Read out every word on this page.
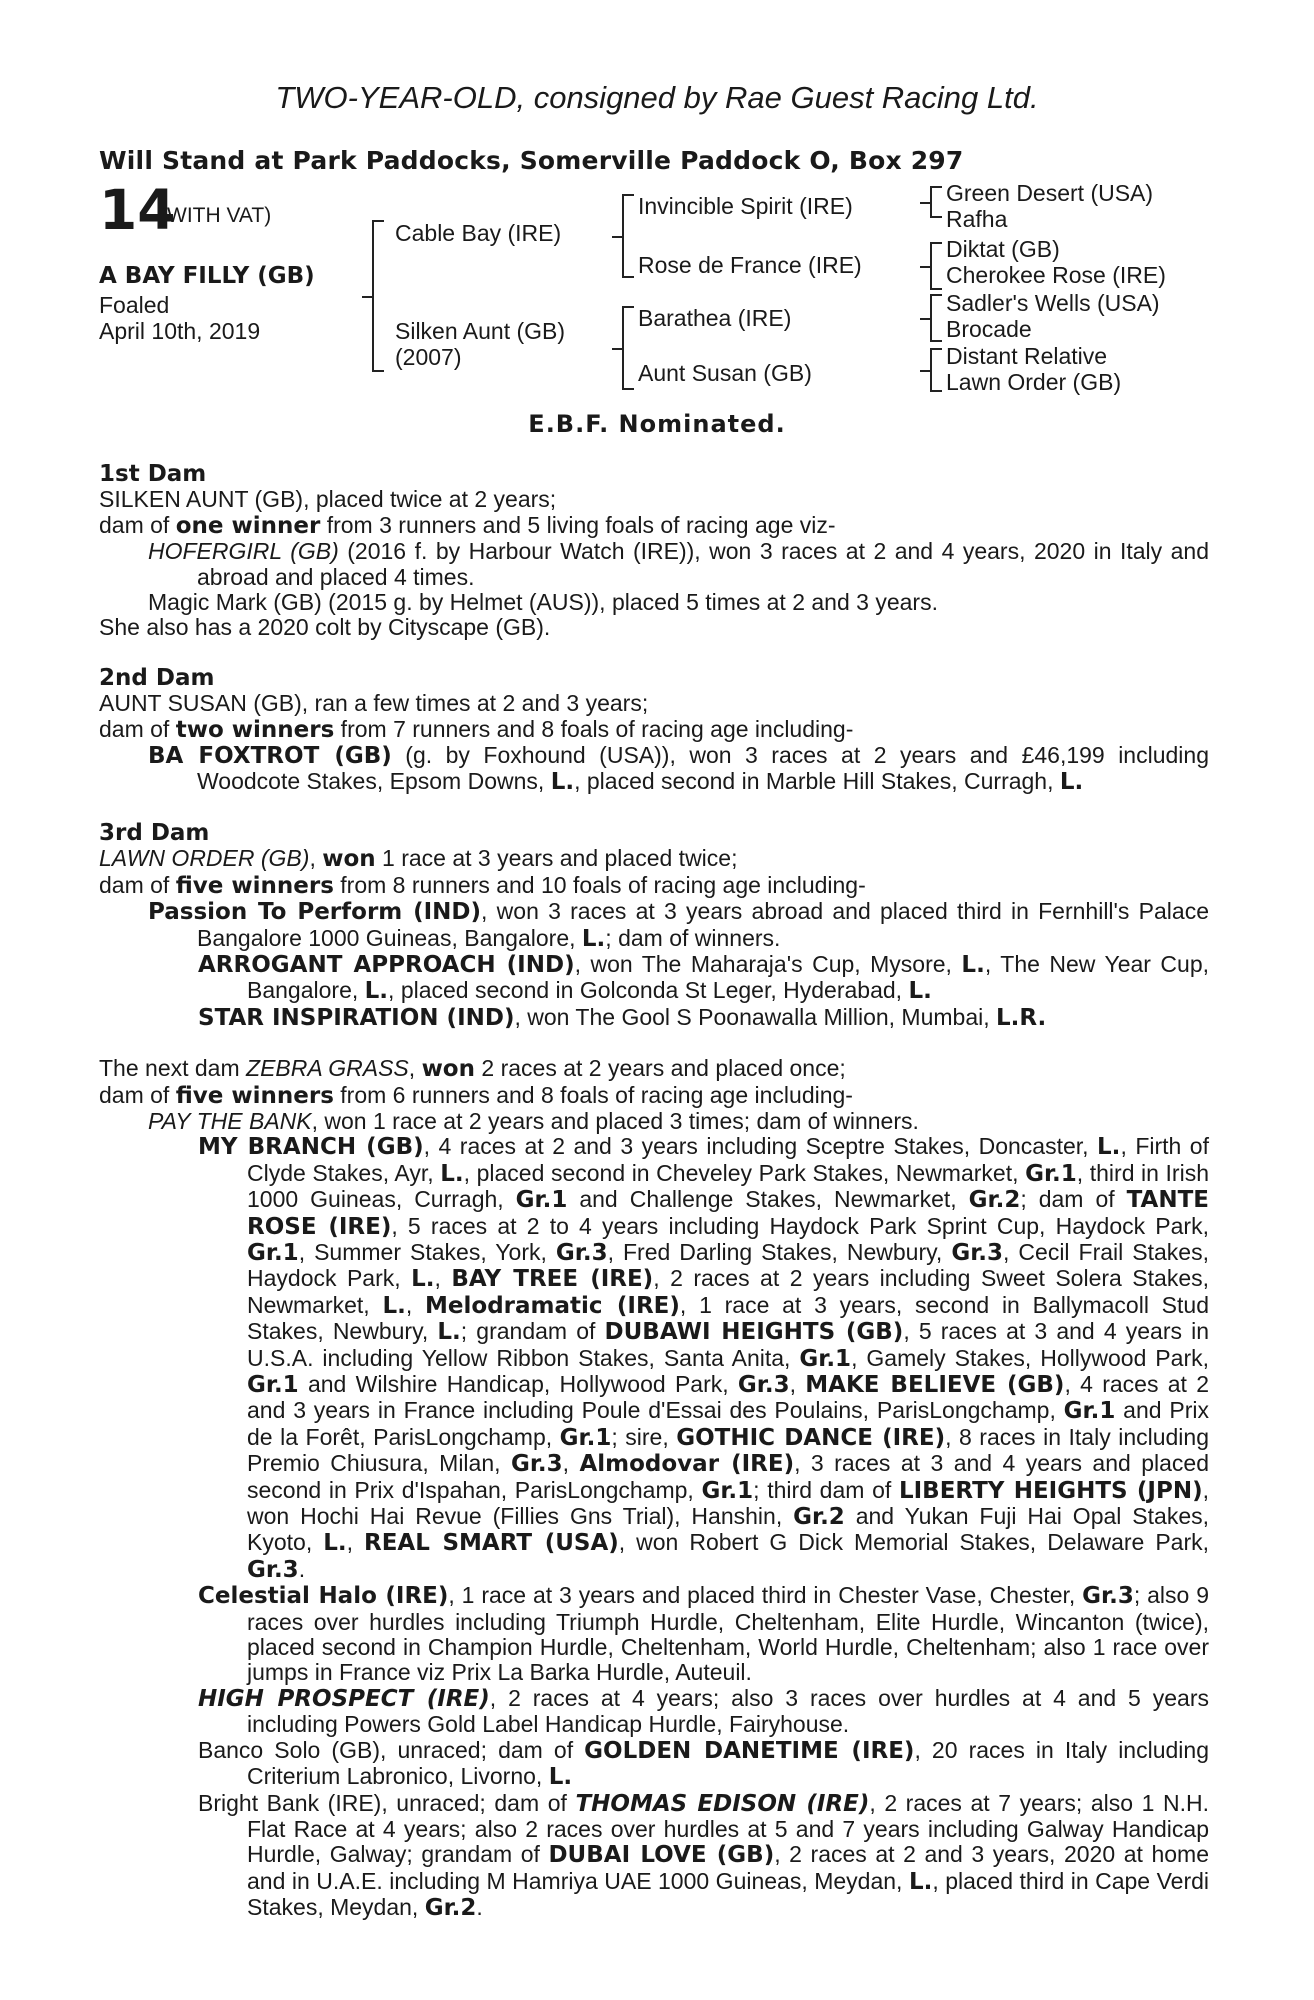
TWO-YEAR-OLD, consigned by Rae Guest Racing Ltd.
Will Stand at Park Paddocks, Somerville Paddock O, Box 297
14
(WITH VAT)
A BAY FILLY (GB)
Foaled
April 10th, 2019
Cable Bay (IRE)
Silken Aunt (GB)
(2007)
Invincible Spirit (IRE)
Rose de France (IRE)
Barathea (IRE)
Aunt Susan (GB)
Green Desert (USA)
Rafha
Diktat (GB)
Cherokee Rose (IRE)
Sadler's Wells (USA)
Brocade
Distant Relative
Lawn Order (GB)
E.B.F. Nominated.
1st Dam

SILKEN AUNT (GB), placed twice at 2 years;

dam of one winner from 3 runners and 5 living foals of racing age viz-

HOFERGIRL (GB) (2016 f. by Harbour Watch (IRE)), won 3 races at 2 and 4 years, 2020 in Italy and abroad and placed 4 times.

Magic Mark (GB) (2015 g. by Helmet (AUS)), placed 5 times at 2 and 3 years.

She also has a 2020 colt by Cityscape (GB).

2nd Dam

AUNT SUSAN (GB), ran a few times at 2 and 3 years;

dam of two winners from 7 runners and 8 foals of racing age including-

BA FOXTROT (GB) (g. by Foxhound (USA)), won 3 races at 2 years and £46,199 including Woodcote Stakes, Epsom Downs, L., placed second in Marble Hill Stakes, Curragh, L.

3rd Dam

LAWN ORDER (GB), won 1 race at 3 years and placed twice;

dam of five winners from 8 runners and 10 foals of racing age including-

Passion To Perform (IND), won 3 races at 3 years abroad and placed third in Fernhill's Palace Bangalore 1000 Guineas, Bangalore, L.; dam of winners.

ARROGANT APPROACH (IND), won The Maharaja's Cup, Mysore, L., The New Year Cup, Bangalore, L., placed second in Golconda St Leger, Hyderabad, L.

STAR INSPIRATION (IND), won The Gool S Poonawalla Million, Mumbai, L.R.

The next dam ZEBRA GRASS, won 2 races at 2 years and placed once;

dam of five winners from 6 runners and 8 foals of racing age including-

PAY THE BANK, won 1 race at 2 years and placed 3 times; dam of winners.

MY BRANCH (GB), 4 races at 2 and 3 years including Sceptre Stakes, Doncaster, L., Firth of Clyde Stakes, Ayr, L., placed second in Cheveley Park Stakes, Newmarket, Gr.1, third in Irish 1000 Guineas, Curragh, Gr.1 and Challenge Stakes, Newmarket, Gr.2; dam of TANTE ROSE (IRE), 5 races at 2 to 4 years including Haydock Park Sprint Cup, Haydock Park, Gr.1, Summer Stakes, York, Gr.3, Fred Darling Stakes, Newbury, Gr.3, Cecil Frail Stakes, Haydock Park, L., BAY TREE (IRE), 2 races at 2 years including Sweet Solera Stakes, Newmarket, L., Melodramatic (IRE), 1 race at 3 years, second in Ballymacoll Stud Stakes, Newbury, L.; grandam of DUBAWI HEIGHTS (GB), 5 races at 3 and 4 years in U.S.A. including Yellow Ribbon Stakes, Santa Anita, Gr.1, Gamely Stakes, Hollywood Park, Gr.1 and Wilshire Handicap, Hollywood Park, Gr.3, MAKE BELIEVE (GB), 4 races at 2 and 3 years in France including Poule d'Essai des Poulains, ParisLongchamp, Gr.1 and Prix de la Forêt, ParisLongchamp, Gr.1; sire, GOTHIC DANCE (IRE), 8 races in Italy including Premio Chiusura, Milan, Gr.3, Almodovar (IRE), 3 races at 3 and 4 years and placed second in Prix d'Ispahan, ParisLongchamp, Gr.1; third dam of LIBERTY HEIGHTS (JPN), won Hochi Hai Revue (Fillies Gns Trial), Hanshin, Gr.2 and Yukan Fuji Hai Opal Stakes, Kyoto, L., REAL SMART (USA), won Robert G Dick Memorial Stakes, Delaware Park, Gr.3.

Celestial Halo (IRE), 1 race at 3 years and placed third in Chester Vase, Chester, Gr.3; also 9 races over hurdles including Triumph Hurdle, Cheltenham, Elite Hurdle, Wincanton (twice), placed second in Champion Hurdle, Cheltenham, World Hurdle, Cheltenham; also 1 race over jumps in France viz Prix La Barka Hurdle, Auteuil.

HIGH PROSPECT (IRE), 2 races at 4 years; also 3 races over hurdles at 4 and 5 years including Powers Gold Label Handicap Hurdle, Fairyhouse.

Banco Solo (GB), unraced; dam of GOLDEN DANETIME (IRE), 20 races in Italy including Criterium Labronico, Livorno, L.

Bright Bank (IRE), unraced; dam of THOMAS EDISON (IRE), 2 races at 7 years; also 1 N.H. Flat Race at 4 years; also 2 races over hurdles at 5 and 7 years including Galway Handicap Hurdle, Galway; grandam of DUBAI LOVE (GB), 2 races at 2 and 3 years, 2020 at home and in U.A.E. including M Hamriya UAE 1000 Guineas, Meydan, L., placed third in Cape Verdi Stakes, Meydan, Gr.2.
